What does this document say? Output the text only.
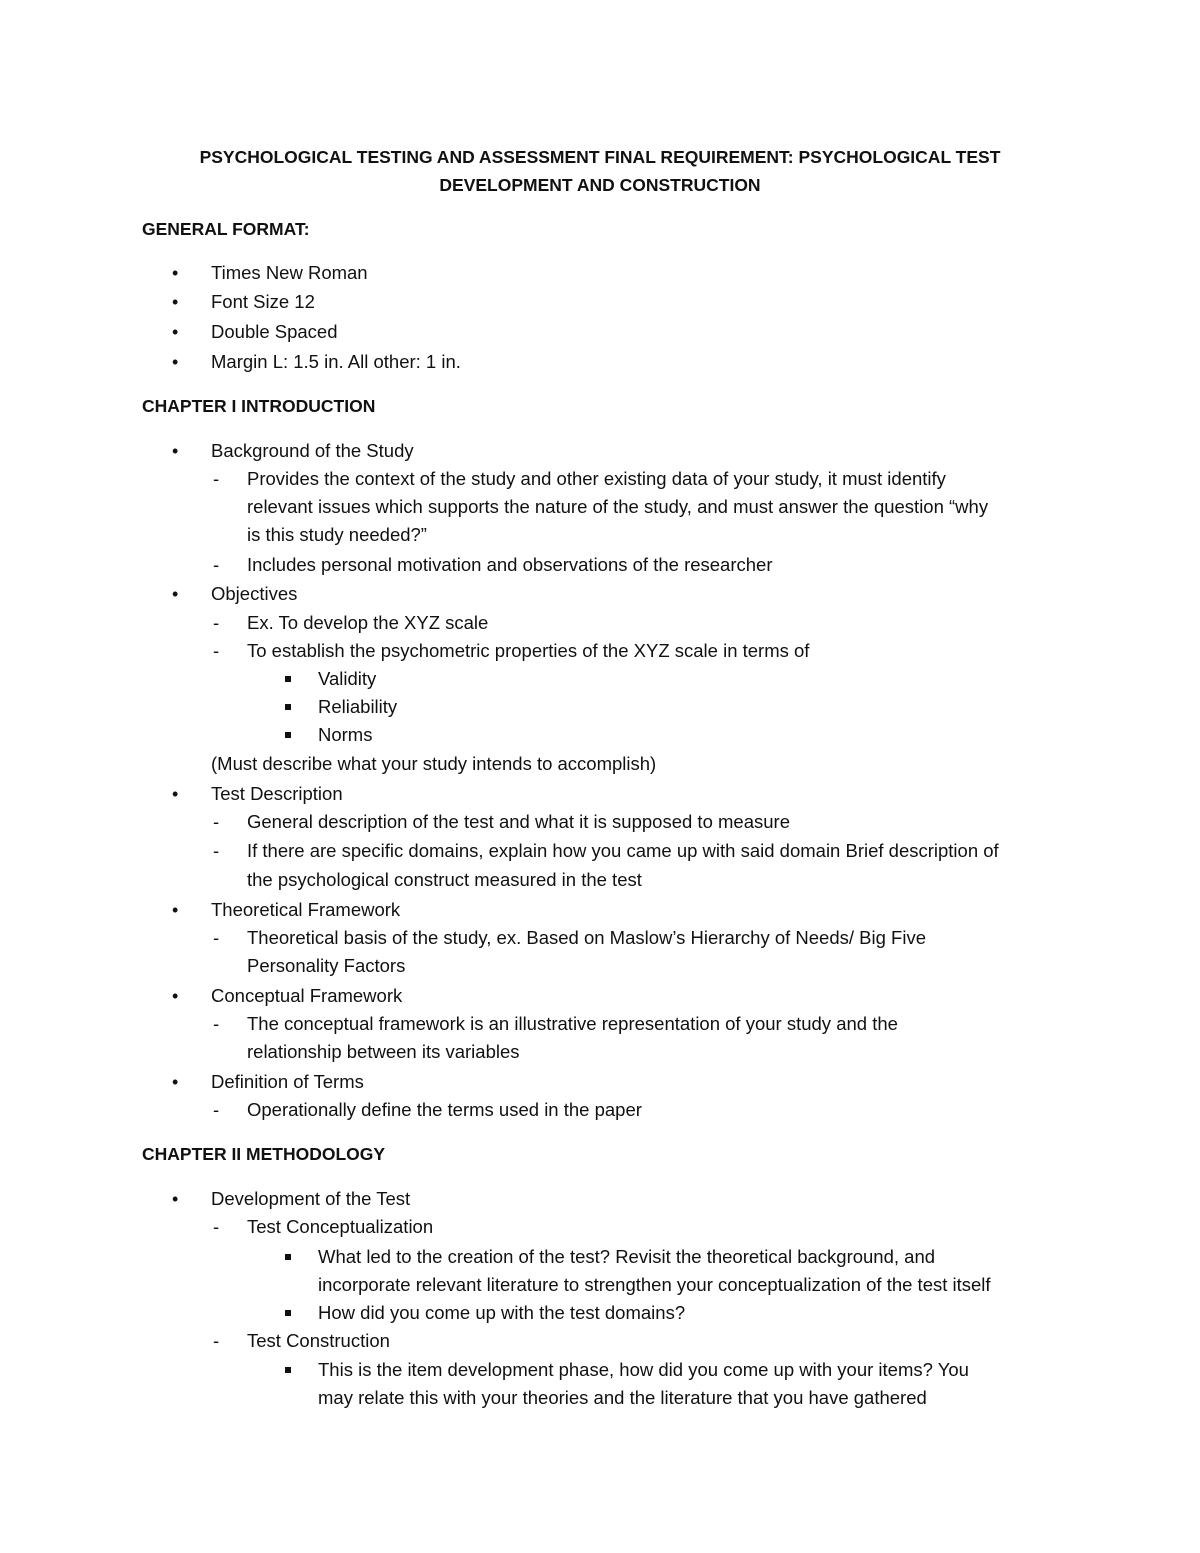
PSYCHOLOGICAL TESTING AND ASSESSMENT FINAL REQUIREMENT: PSYCHOLOGICAL TEST
DEVELOPMENT AND CONSTRUCTION
GENERAL FORMAT:
• Times New Roman
• Font Size 12
• Double Spaced
• Margin L: 1.5 in. All other: 1 in.
CHAPTER I INTRODUCTION
• Background of the Study
- Provides the context of the study and other existing data of your study, it must identify
relevant issues which supports the nature of the study, and must answer the question “why
is this study needed?”
- Includes personal motivation and observations of the researcher
• Objectives
- Ex. To develop the XYZ scale
- To establish the psychometric properties of the XYZ scale in terms of
Validity
Reliability
Norms
(Must describe what your study intends to accomplish)
• Test Description
- General description of the test and what it is supposed to measure
- If there are specific domains, explain how you came up with said domain Brief description of
the psychological construct measured in the test
• Theoretical Framework
- Theoretical basis of the study, ex. Based on Maslow’s Hierarchy of Needs/ Big Five
Personality Factors
• Conceptual Framework
- The conceptual framework is an illustrative representation of your study and the
relationship between its variables
• Definition of Terms
- Operationally define the terms used in the paper
CHAPTER II METHODOLOGY
• Development of the Test
- Test Conceptualization
What led to the creation of the test? Revisit the theoretical background, and
incorporate relevant literature to strengthen your conceptualization of the test itself
How did you come up with the test domains?
- Test Construction
This is the item development phase, how did you come up with your items? You
may relate this with your theories and the literature that you have gathered
